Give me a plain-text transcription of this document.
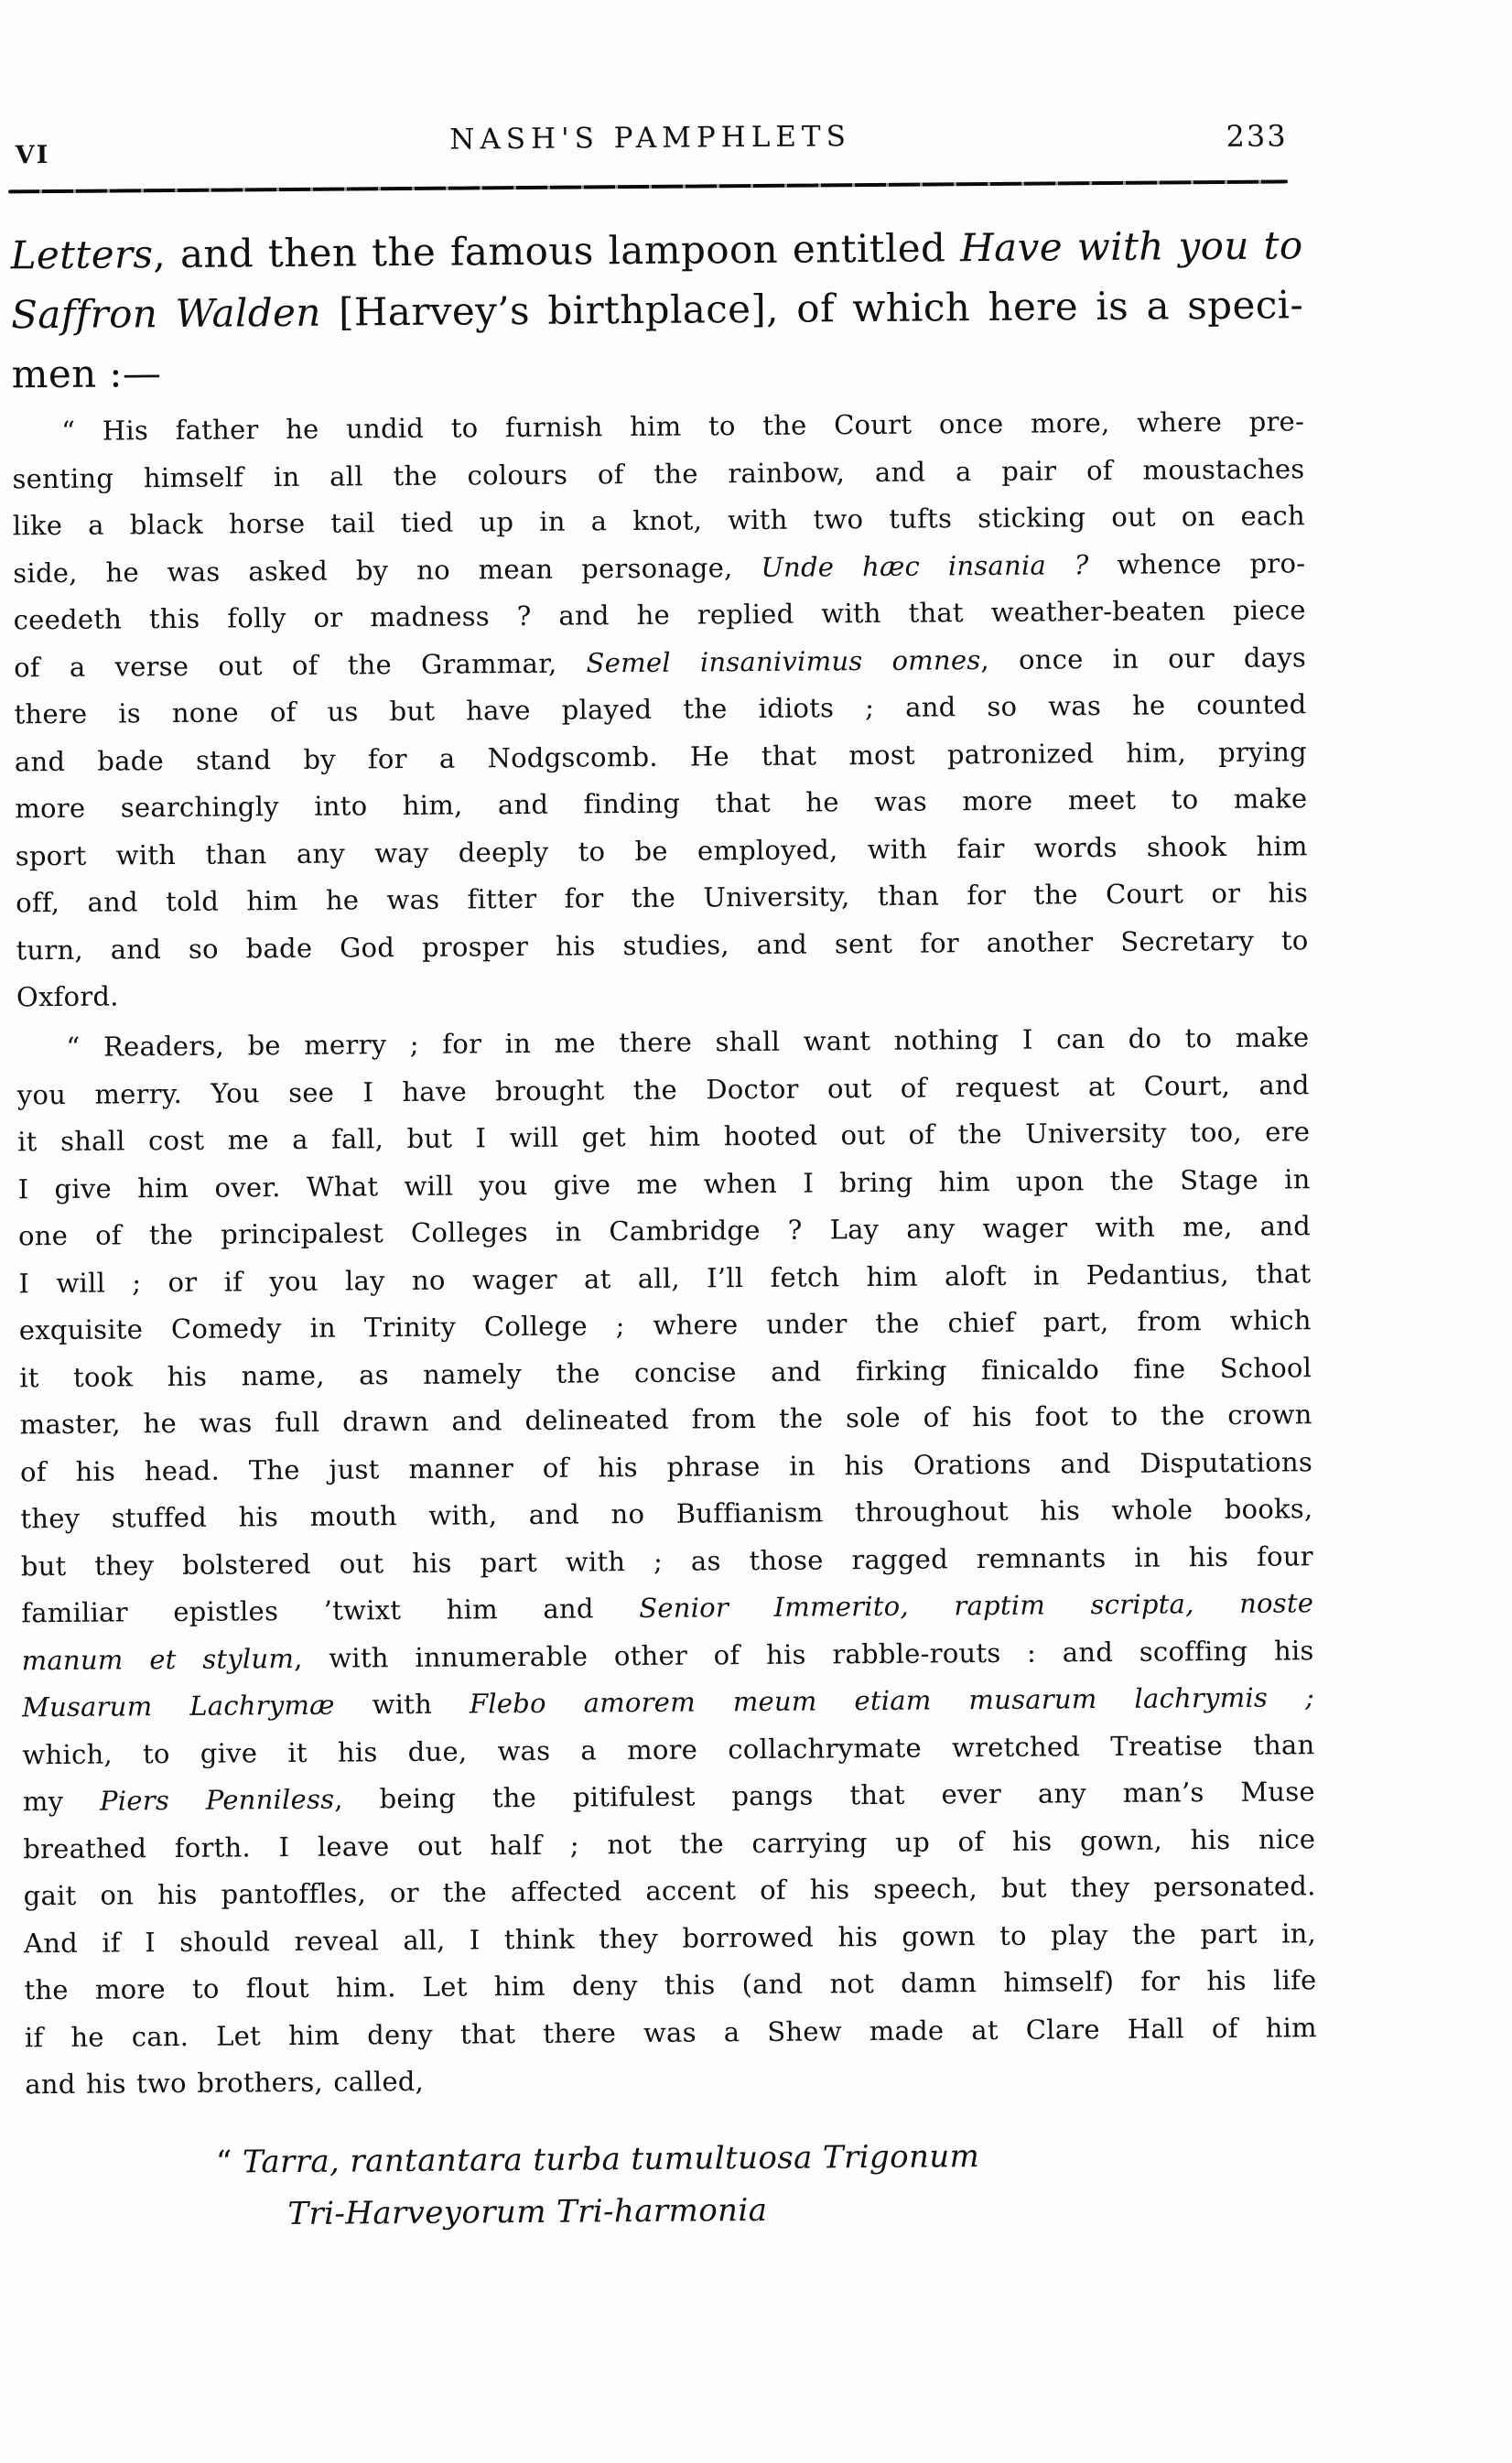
VI	NASH'S PAMPHLETS	233
Letters, and then the famous lampoon entitled Have with you to
Saffron Walden [Harvey’s birthplace], of which here is a speci-
men :—
“ His father he undid to furnish him to the Court once more, where pre-
senting himself in all the colours of the rainbow, and a pair of moustaches
like a black horse tail tied up in a knot, with two tufts sticking out on each
side, he was asked by no mean personage, Unde hæc insania ? whence pro-
ceedeth this folly or madness ? and he replied with that weather-beaten piece
of a verse out of the Grammar, Semel insanivimus omnes, once in our days
there is none of us but have played the idiots ; and so was he counted
and bade stand by for a Nodgscomb. He that most patronized him, prying
more searchingly into him, and finding that he was more meet to make
sport with than any way deeply to be employed, with fair words shook him
off, and told him he was fitter for the University, than for the Court or his
turn, and so bade God prosper his studies, and sent for another Secretary to
Oxford.
“ Readers, be merry ; for in me there shall want nothing I can do to make
you merry. You see I have brought the Doctor out of request at Court, and
it shall cost me a fall, but I will get him hooted out of the University too, ere
I give him over. What will you give me when I bring him upon the Stage in
one of the principalest Colleges in Cambridge ? Lay any wager with me, and
I will ; or if you lay no wager at all, I’ll fetch him aloft in Pedantius, that
exquisite Comedy in Trinity College ; where under the chief part, from which
it took his name, as namely the concise and firking finicaldo fine School
master, he was full drawn and delineated from the sole of his foot to the crown
of his head. The just manner of his phrase in his Orations and Disputations
they stuffed his mouth with, and no Buffianism throughout his whole books,
but they bolstered out his part with ; as those ragged remnants in his four
familiar epistles ’twixt him and Senior Immerito, raptim scripta, noste
manum et stylum, with innumerable other of his rabble-routs : and scoffing his
Musarum Lachrymæ with Flebo amorem meum etiam musarum lachrymis ;
which, to give it his due, was a more collachrymate wretched Treatise than
my Piers Penniless, being the pitifulest pangs that ever any man’s Muse
breathed forth. I leave out half ; not the carrying up of his gown, his nice
gait on his pantoffles, or the affected accent of his speech, but they personated.
And if I should reveal all, I think they borrowed his gown to play the part in,
the more to flout him. Let him deny this (and not damn himself) for his life
if he can. Let him deny that there was a Shew made at Clare Hall of him
and his two brothers, called,
“ Tarra, rantantara turba tumultuosa Trigonum
Tri-Harveyorum Tri-harmonia
